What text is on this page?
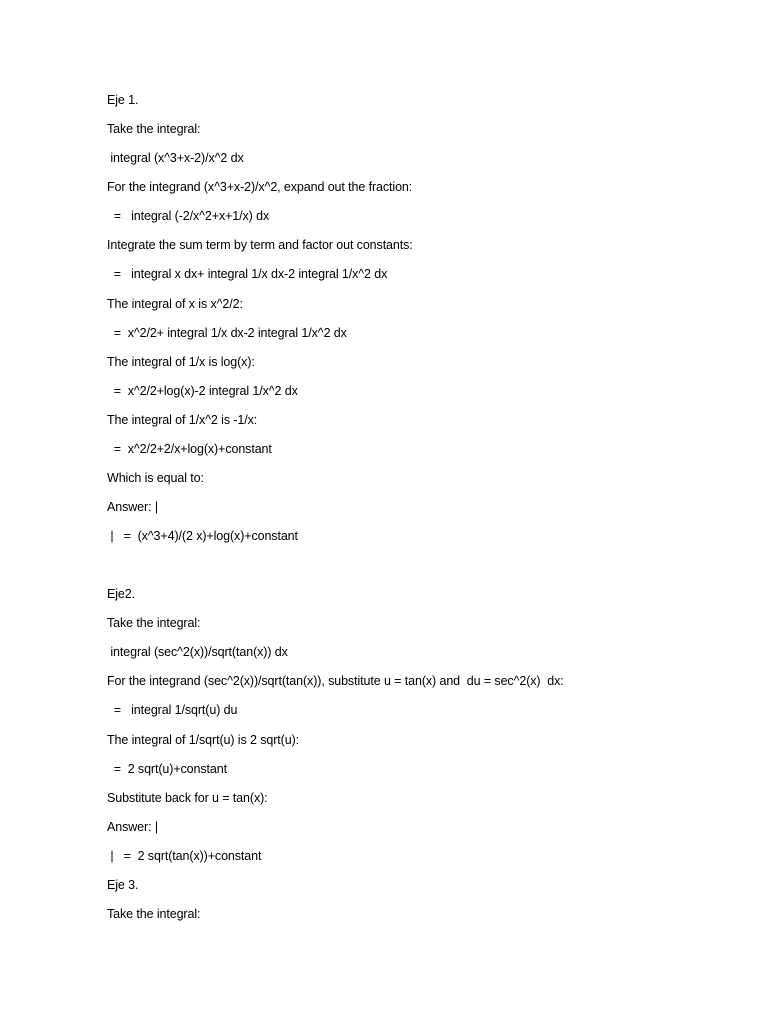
Eje 1.
Take the integral:
integral (x^3+x-2)/x^2 dx
For the integrand (x^3+x-2)/x^2, expand out the fraction:
=   integral (-2/x^2+x+1/x) dx
Integrate the sum term by term and factor out constants:
=   integral x dx+ integral 1/x dx-2 integral 1/x^2 dx
The integral of x is x^2/2:
=  x^2/2+ integral 1/x dx-2 integral 1/x^2 dx
The integral of 1/x is log(x):
=  x^2/2+log(x)-2 integral 1/x^2 dx
The integral of 1/x^2 is -1/x:
=  x^2/2+2/x+log(x)+constant
Which is equal to:
Answer: |
|   =  (x^3+4)/(2 x)+log(x)+constant
Eje2.
Take the integral:
integral (sec^2(x))/sqrt(tan(x)) dx
For the integrand (sec^2(x))/sqrt(tan(x)), substitute u = tan(x) and  du = sec^2(x)  dx:
=   integral 1/sqrt(u) du
The integral of 1/sqrt(u) is 2 sqrt(u):
=  2 sqrt(u)+constant
Substitute back for u = tan(x):
Answer: |
|   =  2 sqrt(tan(x))+constant
Eje 3.
Take the integral:
